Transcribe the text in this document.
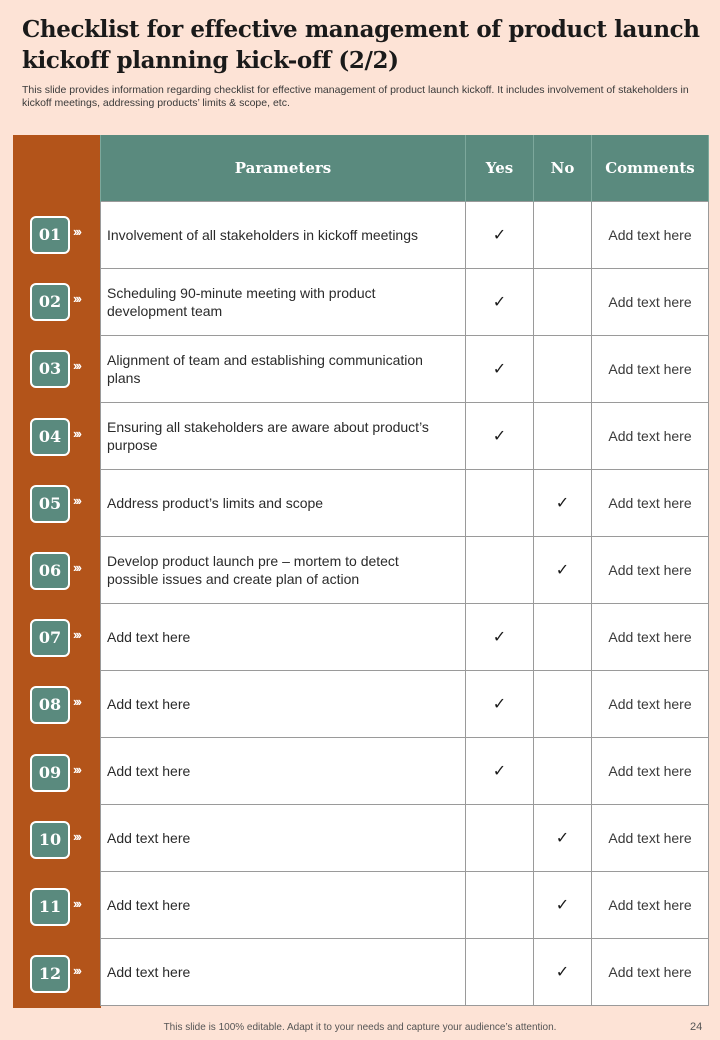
Checklist for effective management of product launch kickoff planning kick-off (2/2)

This slide provides information regarding checklist for effective management of product launch kickoff. It includes involvement of stakeholders in kickoff meetings, addressing products’ limits & scope, etc.

Parameters	Yes	No	Comments
Involvement of all stakeholders in kickoff meetings	✓		Add text here
Scheduling 90-minute meeting with product development team	✓		Add text here
Alignment of team and establishing communication plans	✓		Add text here
Ensuring all stakeholders are aware about product’s purpose	✓		Add text here
Address product’s limits and scope		✓	Add text here
Develop product launch pre – mortem to detect possible issues and create plan of action		✓	Add text here
Add text here	✓		Add text here
Add text here	✓		Add text here
Add text here	✓		Add text here
Add text here		✓	Add text here
Add text here		✓	Add text here
Add text here		✓	Add text here
01 ›››
02 ›››
03 ›››
04 ›››
05 ›››
06 ›››
07 ›››
08 ›››
09 ›››
10 ›››
11 ›››
12 ›››
This slide is 100% editable. Adapt it to your needs and capture your audience’s attention.	24
